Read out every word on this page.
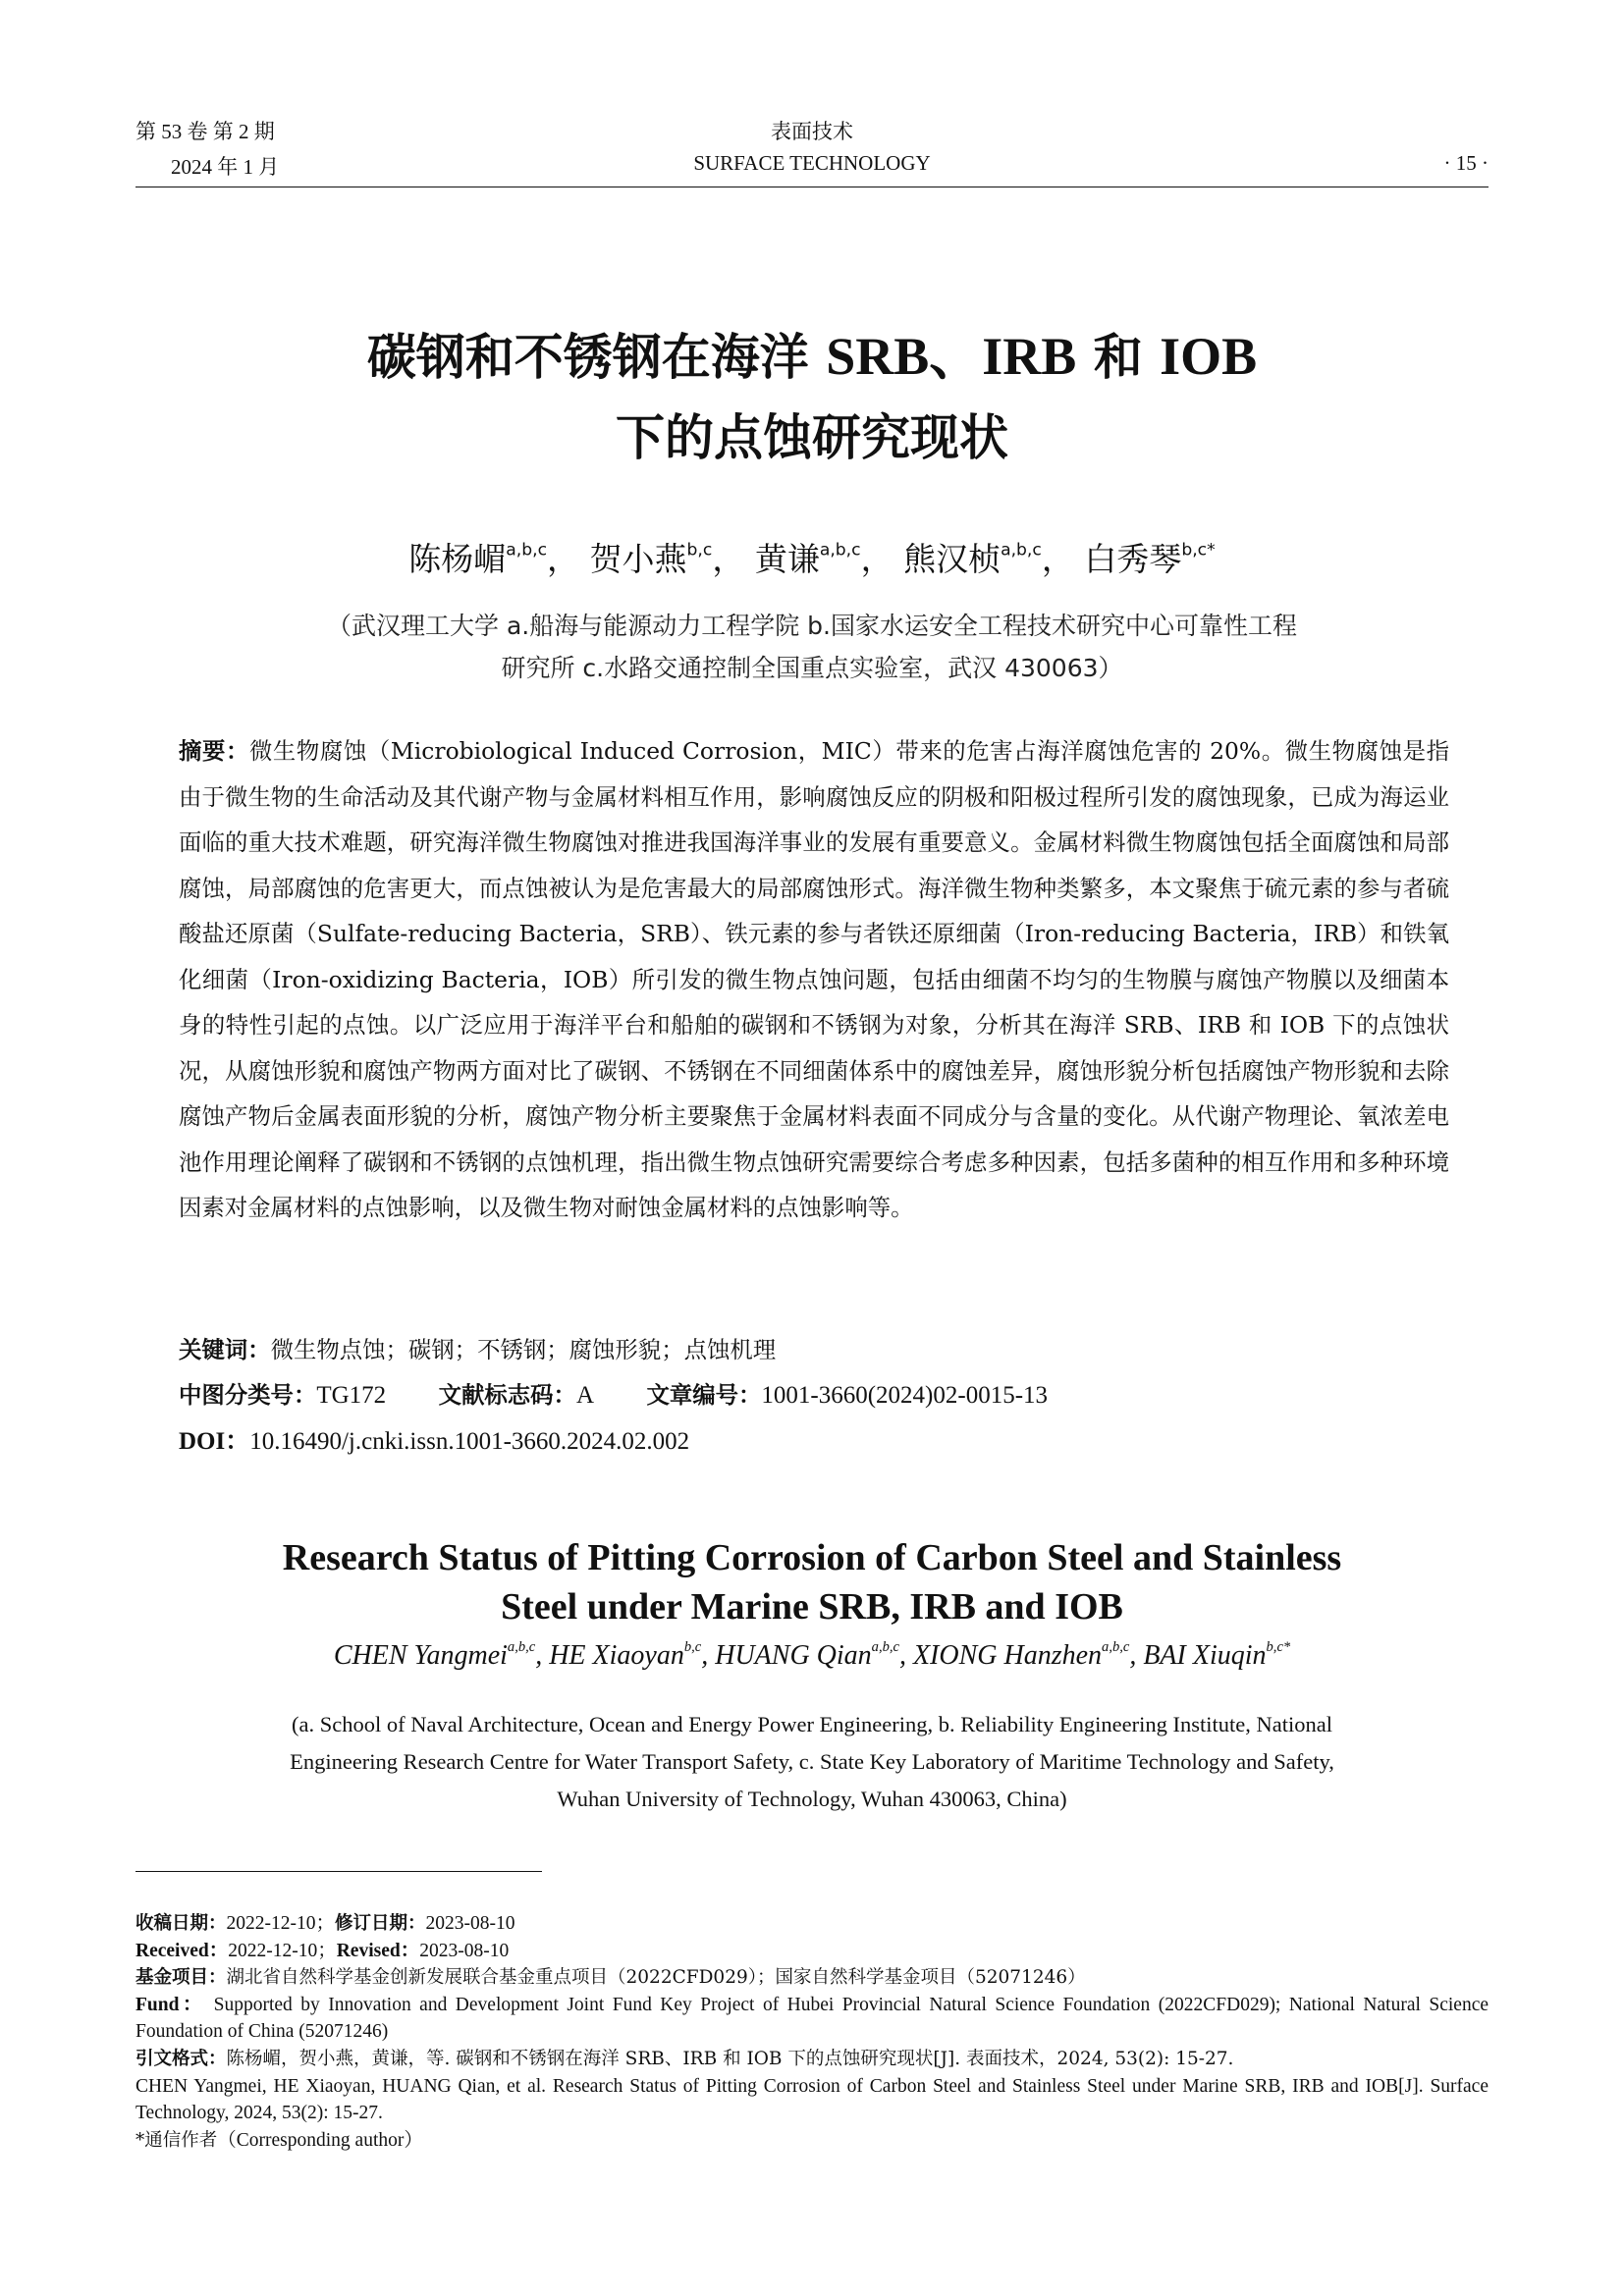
第 53 卷 第 2 期
2024 年 1 月
表面技术
SURFACE TECHNOLOGY	· 15 ·
碳钢和不锈钢在海洋 SRB、IRB 和 IOB
下的点蚀研究现状
陈杨嵋$^{a,b,c}$， 贺小燕$^{b,c}$， 黄谦$^{a,b,c}$， 熊汉桢$^{a,b,c}$， 白秀琴$^{b,c*}$
（武汉理工大学 a.船海与能源动力工程学院 b.国家水运安全工程技术研究中心可靠性工程
研究所 c.水路交通控制全国重点实验室，武汉 430063）
摘要：微生物腐蚀（Microbiological Induced Corrosion，MIC）带来的危害占海洋腐蚀危害的 20%。微生物腐蚀是指由于微生物的生命活动及其代谢产物与金属材料相互作用，影响腐蚀反应的阴极和阳极过程所引发的腐蚀现象，已成为海运业面临的重大技术难题，研究海洋微生物腐蚀对推进我国海洋事业的发展有重要意义。金属材料微生物腐蚀包括全面腐蚀和局部腐蚀，局部腐蚀的危害更大，而点蚀被认为是危害最大的局部腐蚀形式。海洋微生物种类繁多，本文聚焦于硫元素的参与者硫酸盐还原菌（Sulfate-reducing Bacteria，SRB）、铁元素的参与者铁还原细菌（Iron-reducing Bacteria，IRB）和铁氧化细菌（Iron-oxidizing Bacteria，IOB）所引发的微生物点蚀问题，包括由细菌不均匀的生物膜与腐蚀产物膜以及细菌本身的特性引起的点蚀。以广泛应用于海洋平台和船舶的碳钢和不锈钢为对象，分析其在海洋 SRB、IRB 和 IOB 下的点蚀状况，从腐蚀形貌和腐蚀产物两方面对比了碳钢、不锈钢在不同细菌体系中的腐蚀差异，腐蚀形貌分析包括腐蚀产物形貌和去除腐蚀产物后金属表面形貌的分析，腐蚀产物分析主要聚焦于金属材料表面不同成分与含量的变化。从代谢产物理论、氧浓差电池作用理论阐释了碳钢和不锈钢的点蚀机理，指出微生物点蚀研究需要综合考虑多种因素，包括多菌种的相互作用和多种环境因素对金属材料的点蚀影响，以及微生物对耐蚀金属材料的点蚀影响等。
关键词：微生物点蚀；碳钢；不锈钢；腐蚀形貌；点蚀机理
中图分类号：TG172 文献标志码：A 文章编号：1001-3660(2024)02-0015-13
DOI：10.16490/j.cnki.issn.1001-3660.2024.02.002
Research Status of Pitting Corrosion of Carbon Steel and Stainless
Steel under Marine SRB, IRB and IOB
CHEN Yangmei$^{a,b,c}$, HE Xiaoyan$^{b,c}$, HUANG Qian$^{a,b,c}$, XIONG Hanzhen$^{a,b,c}$, BAI Xiuqin$^{b,c*}$
(a. School of Naval Architecture, Ocean and Energy Power Engineering, b. Reliability Engineering Institute, National
Engineering Research Centre for Water Transport Safety, c. State Key Laboratory of Maritime Technology and Safety,
Wuhan University of Technology, Wuhan 430063, China)
收稿日期：2022-12-10；修订日期：2023-08-10
Received：2022-12-10；Revised：2023-08-10
基金项目：湖北省自然科学基金创新发展联合基金重点项目（2022CFD029）；国家自然科学基金项目（52071246）
Fund： Supported by Innovation and Development Joint Fund Key Project of Hubei Provincial Natural Science Foundation (2022CFD029); National Natural Science Foundation of China (52071246)
引文格式：陈杨嵋，贺小燕，黄谦，等. 碳钢和不锈钢在海洋 SRB、IRB 和 IOB 下的点蚀研究现状[J]. 表面技术，2024, 53(2): 15-27.
CHEN Yangmei, HE Xiaoyan, HUANG Qian, et al. Research Status of Pitting Corrosion of Carbon Steel and Stainless Steel under Marine SRB, IRB and IOB[J]. Surface Technology, 2024, 53(2): 15-27.
*通信作者（Corresponding author）
